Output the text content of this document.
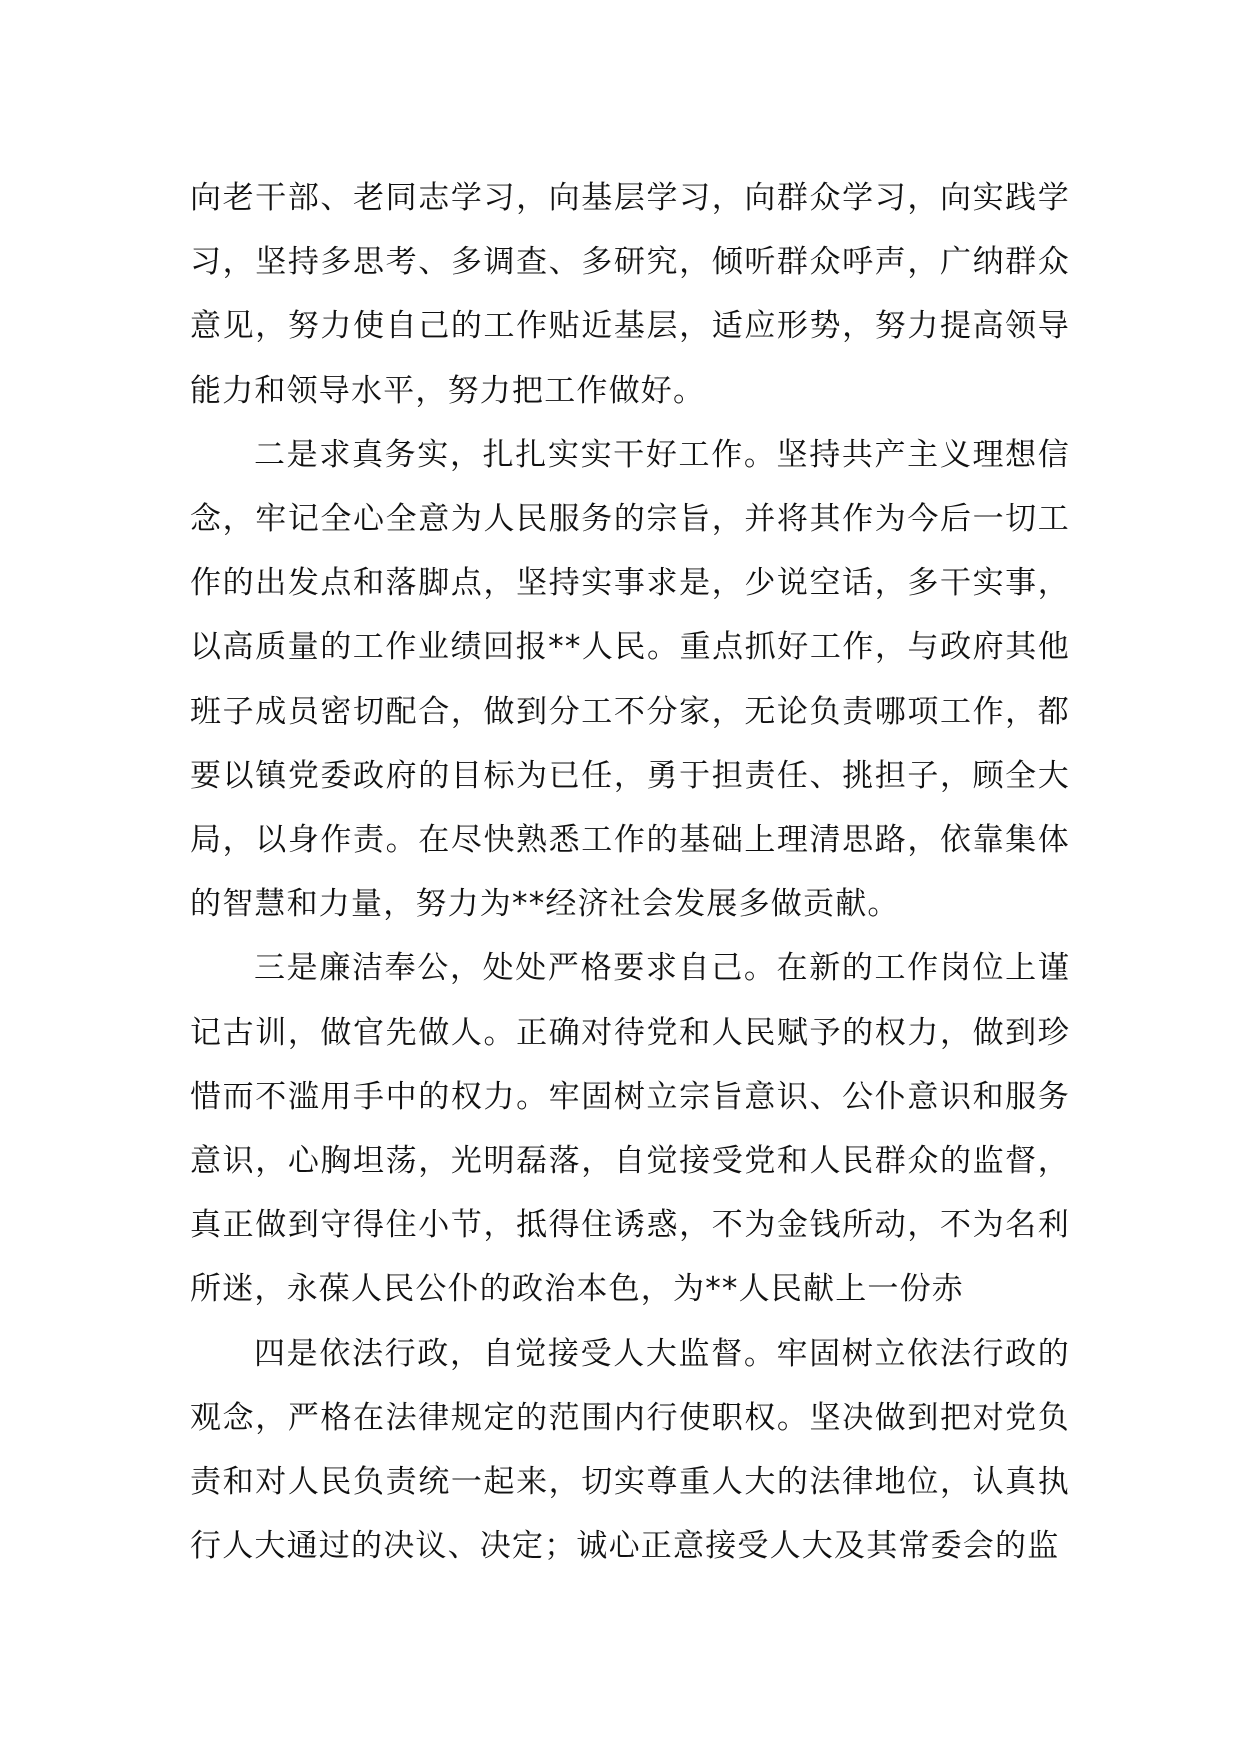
向老干部、老同志学习，向基层学习，向群众学习，向实践学习，坚持多思考、多调查、多研究，倾听群众呼声，广纳群众意见，努力使自己的工作贴近基层，适应形势，努力提高领导能力和领导水平，努力把工作做好。

二是求真务实，扎扎实实干好工作。坚持共产主义理想信念，牢记全心全意为人民服务的宗旨，并将其作为今后一切工作的出发点和落脚点，坚持实事求是，少说空话，多干实事，以高质量的工作业绩回报**人民。重点抓好工作，与政府其他班子成员密切配合，做到分工不分家，无论负责哪项工作，都要以镇党委政府的目标为已任，勇于担责任、挑担子，顾全大局，以身作责。在尽快熟悉工作的基础上理清思路，依靠集体的智慧和力量，努力为**经济社会发展多做贡献。

三是廉洁奉公，处处严格要求自己。在新的工作岗位上谨记古训，做官先做人。正确对待党和人民赋予的权力，做到珍惜而不滥用手中的权力。牢固树立宗旨意识、公仆意识和服务意识，心胸坦荡，光明磊落，自觉接受党和人民群众的监督，真正做到守得住小节，抵得住诱惑，不为金钱所动，不为名利所迷，永葆人民公仆的政治本色，为**人民献上一份赤

四是依法行政，自觉接受人大监督。牢固树立依法行政的观念，严格在法律规定的范围内行使职权。坚决做到把对党负责和对人民负责统一起来，切实尊重人大的法律地位，认真执行人大通过的决议、决定；诚心正意接受人大及其常委会的监
